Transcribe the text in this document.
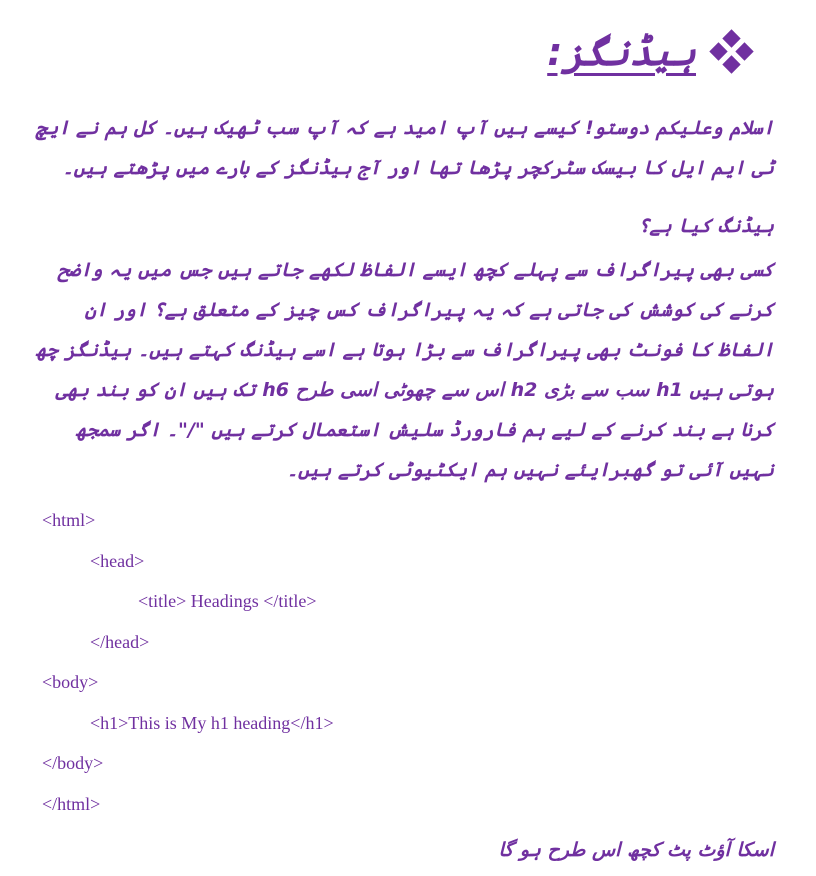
ہیڈنگز:

اسلام وعلیکم دوستو! کیسے ہیں آپ امید ہے کہ آپ سب ٹھیک ہیں۔ کل ہم نے ایچ ٹی ایم ایل کا بیسک سٹرکچر پڑھا تھا اور آج ہیڈنگز کے بارے میں پڑھتے ہیں۔

ہیڈنگ کیا ہے؟

کسی بھی پیراگراف سے پہلے کچھ ایسے الفاظ لکھے جاتے ہیں جس میں یہ واضح کرنے کی کوشش کی جاتی ہے کہ یہ پیراگراف کس چیز کے متعلق ہے؟ اور ان الفاظ کا فونٹ بھی پیراگراف سے بڑا ہوتا ہے اسے ہیڈنگ کہتے ہیں۔ ہیڈنگز چھ ہوتی ہیں h1 سب سے بڑی h2 اس سے چھوٹی اسی طرح h6 تک ہیں ان کو بند بھی کرنا ہے بند کرنے کے لیے ہم فارورڈ سلیش استعمال کرتے ہیں "/"۔ اگر سمجھ نہیں آئی تو گھبرایئے نہیں ہم ایکٹیوٹی کرتے ہیں۔

<html>
<head>
<title> Headings </title>
</head>
<body>
<h1>This is My h1 heading</h1>
</body>
</html>
اسکا آؤٹ پٹ کچھ اس طرح ہو گا
